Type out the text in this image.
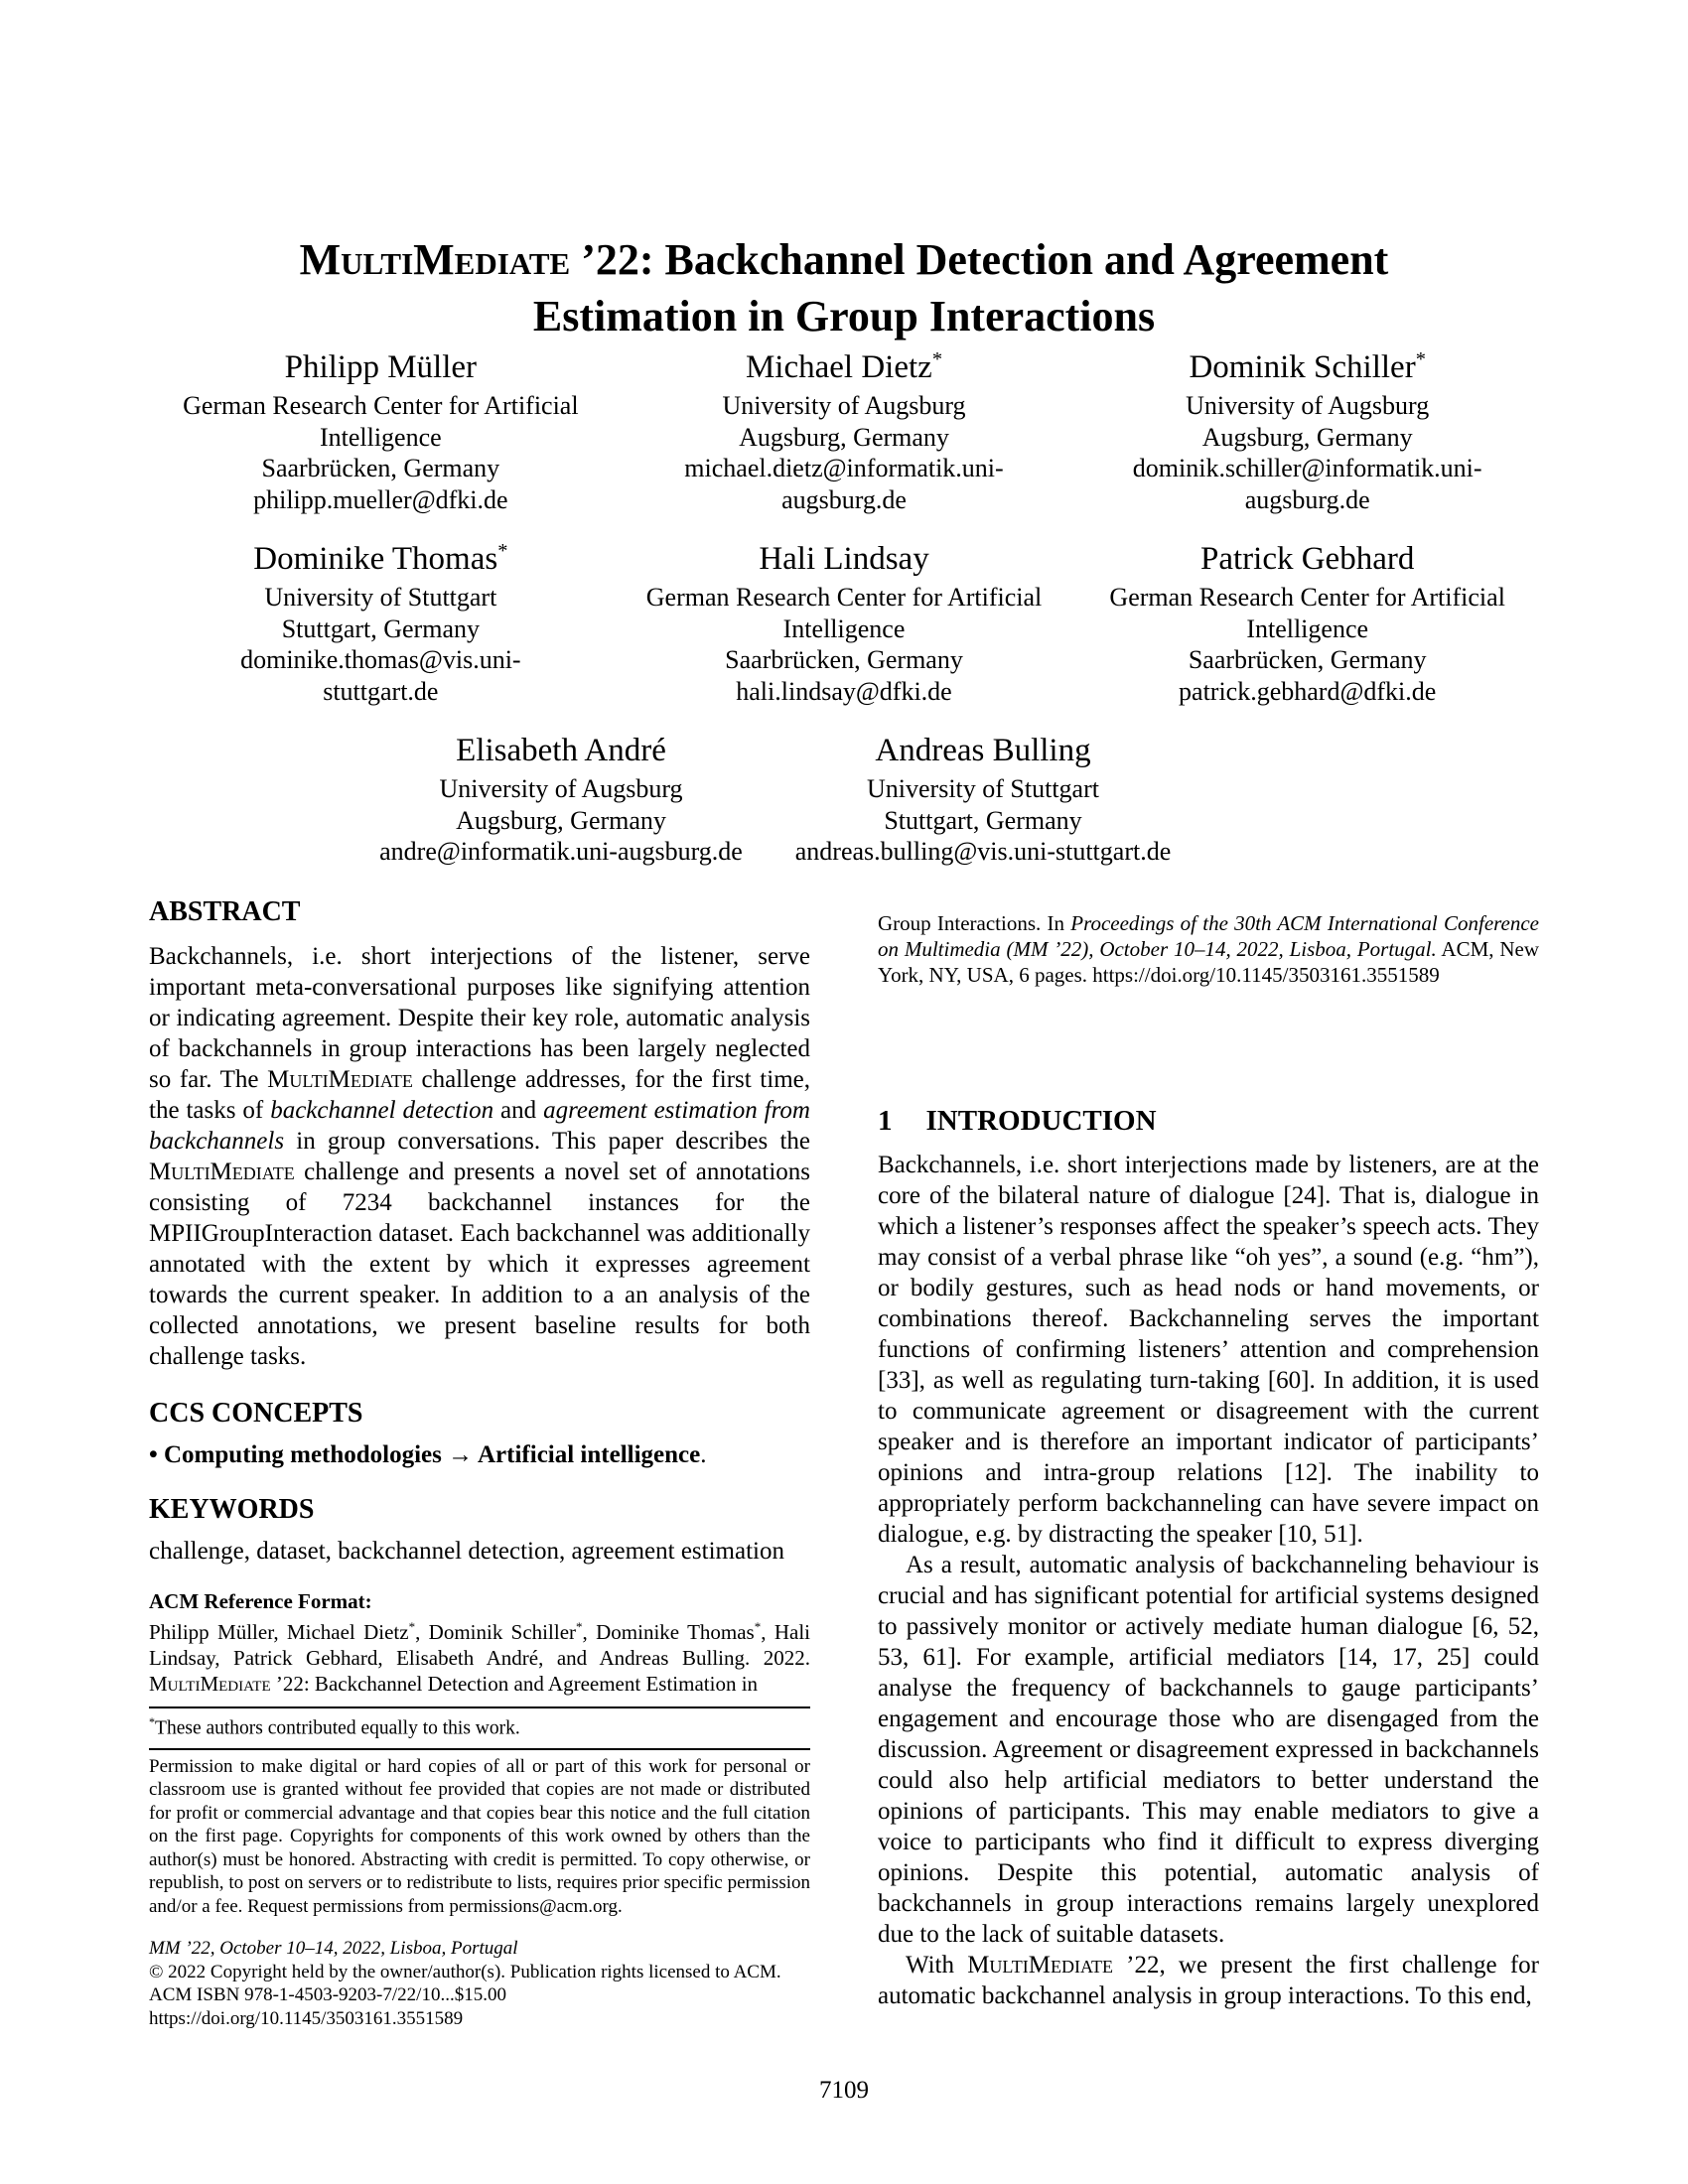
MultiMediate ’22: Backchannel Detection and Agreement
Estimation in Group Interactions
Philipp Müller
German Research Center for Artificial
Intelligence
Saarbrücken, Germany
philipp.mueller@dfki.de
Michael Dietz*
University of Augsburg
Augsburg, Germany
michael.dietz@informatik.uni-
augsburg.de
Dominik Schiller*
University of Augsburg
Augsburg, Germany
dominik.schiller@informatik.uni-
augsburg.de
Dominike Thomas*
University of Stuttgart
Stuttgart, Germany
dominike.thomas@vis.uni-
stuttgart.de
Hali Lindsay
German Research Center for Artificial
Intelligence
Saarbrücken, Germany
hali.lindsay@dfki.de
Patrick Gebhard
German Research Center for Artificial
Intelligence
Saarbrücken, Germany
patrick.gebhard@dfki.de
Elisabeth André
University of Augsburg
Augsburg, Germany
andre@informatik.uni-augsburg.de
Andreas Bulling
University of Stuttgart
Stuttgart, Germany
andreas.bulling@vis.uni-stuttgart.de
ABSTRACT

Backchannels, i.e. short interjections of the listener, serve important meta-conversational purposes like signifying attention or indicating agreement. Despite their key role, automatic analysis of backchannels in group interactions has been largely neglected so far. The MultiMediate challenge addresses, for the first time, the tasks of backchannel detection and agreement estimation from backchannels in group conversations. This paper describes the MultiMediate challenge and presents a novel set of annotations consisting of 7234 backchannel instances for the MPIIGroupInteraction dataset. Each backchannel was additionally annotated with the extent by which it expresses agreement towards the current speaker. In addition to a an analysis of the collected annotations, we present baseline results for both challenge tasks.

CCS CONCEPTS

• Computing methodologies → Artificial intelligence.

KEYWORDS

challenge, dataset, backchannel detection, agreement estimation

ACM Reference Format:

Philipp Müller, Michael Dietz*, Dominik Schiller*, Dominike Thomas*, Hali Lindsay, Patrick Gebhard, Elisabeth André, and Andreas Bulling. 2022. MultiMediate ’22: Backchannel Detection and Agreement Estimation in

*These authors contributed equally to this work.

Permission to make digital or hard copies of all or part of this work for personal or classroom use is granted without fee provided that copies are not made or distributed for profit or commercial advantage and that copies bear this notice and the full citation on the first page. Copyrights for components of this work owned by others than the author(s) must be honored. Abstracting with credit is permitted. To copy otherwise, or republish, to post on servers or to redistribute to lists, requires prior specific permission and/or a fee. Request permissions from permissions@acm.org.

MM ’22, October 10–14, 2022, Lisboa, Portugal
© 2022 Copyright held by the owner/author(s). Publication rights licensed to ACM.
ACM ISBN 978-1-4503-9203-7/22/10...$15.00
https://doi.org/10.1145/3503161.3551589

Group Interactions. In Proceedings of the 30th ACM International Conference on Multimedia (MM ’22), October 10–14, 2022, Lisboa, Portugal. ACM, New York, NY, USA, 6 pages. https://doi.org/10.1145/3503161.3551589

1 INTRODUCTION

Backchannels, i.e. short interjections made by listeners, are at the core of the bilateral nature of dialogue [24]. That is, dialogue in which a listener’s responses affect the speaker’s speech acts. They may consist of a verbal phrase like “oh yes”, a sound (e.g. “hm”), or bodily gestures, such as head nods or hand movements, or combinations thereof. Backchanneling serves the important functions of confirming listeners’ attention and comprehension [33], as well as regulating turn-taking [60]. In addition, it is used to communicate agreement or disagreement with the current speaker and is therefore an important indicator of participants’ opinions and intra-group relations [12]. The inability to appropriately perform backchanneling can have severe impact on dialogue, e.g. by distracting the speaker [10, 51].

As a result, automatic analysis of backchanneling behaviour is crucial and has significant potential for artificial systems designed to passively monitor or actively mediate human dialogue [6, 52, 53, 61]. For example, artificial mediators [14, 17, 25] could analyse the frequency of backchannels to gauge participants’ engagement and encourage those who are disengaged from the discussion. Agreement or disagreement expressed in backchannels could also help artificial mediators to better understand the opinions of participants. This may enable mediators to give a voice to participants who find it difficult to express diverging opinions. Despite this potential, automatic analysis of backchannels in group interactions remains largely unexplored due to the lack of suitable datasets.

With MultiMediate ’22, we present the first challenge for automatic backchannel analysis in group interactions. To this end,

7109
